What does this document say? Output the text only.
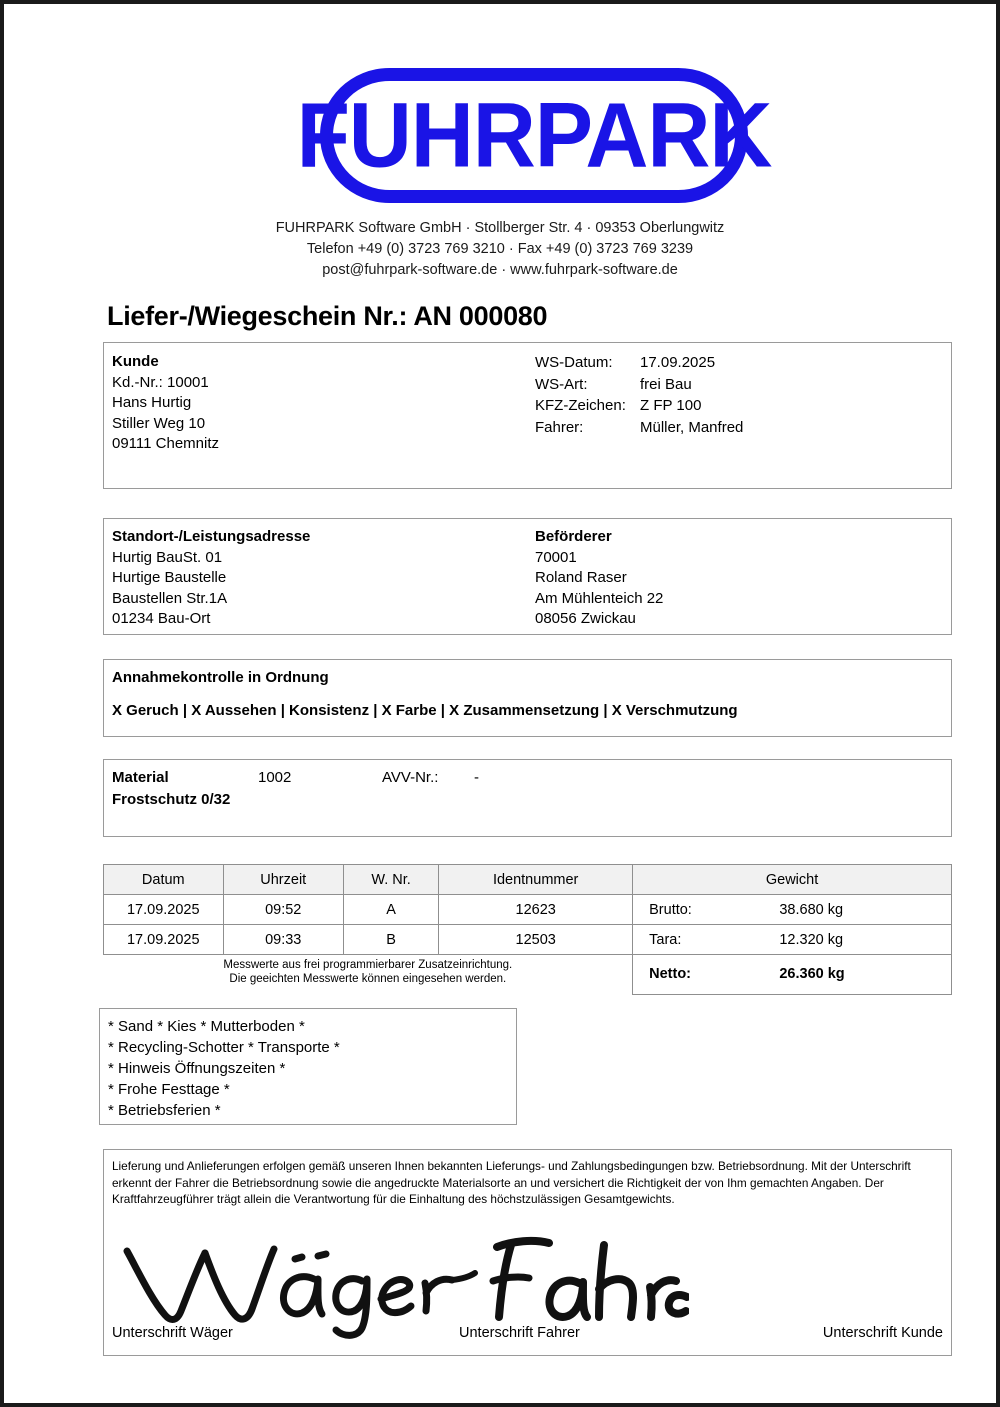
FUHRPARK
FUHRPARK Software GmbH · Stollberger Str. 4 · 09353 Oberlungwitz
Telefon +49 (0) 3723 769 3210 · Fax +49 (0) 3723 769 3239
post@fuhrpark-software.de · www.fuhrpark-software.de
Liefer-/Wiegeschein Nr.: AN 000080
Kunde
Kd.-Nr.: 10001
Hans Hurtig
Stiller Weg 10
09111 Chemnitz
WS-Datum:	17.09.2025
WS-Art:	frei Bau
KFZ-Zeichen: Z FP 100
Fahrer:	Müller, Manfred
Standort-/Leistungsadresse
Hurtig BauSt. 01
Hurtige Baustelle
Baustellen Str.1A
01234 Bau-Ort
Beförderer
70001
Roland Raser
Am Mühlenteich 22
08056 Zwickau
Annahmekontrolle in Ordnung
X Geruch | X Aussehen | Konsistenz | X Farbe | X Zusammensetzung | X Verschmutzung
Material	1002	AVV-Nr.: -
Frostschutz 0/32
Datum	Uhrzeit	W. Nr.	Identnummer	Gewicht
17.09.2025	09:52	A	12623	Brutto: 38.680 kg

17.09.2025	09:33	B	12503	Tara: 12.320 kg

Messwerte aus frei programmierbarer Zusatzeinrichtung.
Die geeichten Messwerte können eingesehen werden.	Netto:	26.360 kg
* Sand * Kies * Mutterboden *
* Recycling-Schotter * Transporte *
* Hinweis Öffnungszeiten *
* Frohe Festtage *
* Betriebsferien *
Lieferung und Anlieferungen erfolgen gemäß unseren Ihnen bekannten Lieferungs- und Zahlungsbedingungen bzw. Betriebsordnung. Mit der Unterschrift erkennt der Fahrer die Betriebsordnung sowie die angedruckte Materialsorte an und versichert die Richtigkeit der von Ihm gemachten Angaben. Der Kraftfahrzeugführer trägt allein die Verantwortung für die Einhaltung des höchstzulässigen Gesamtgewichts.
Unterschrift Wäger	Unterschrift Fahrer	Unterschrift Kunde
